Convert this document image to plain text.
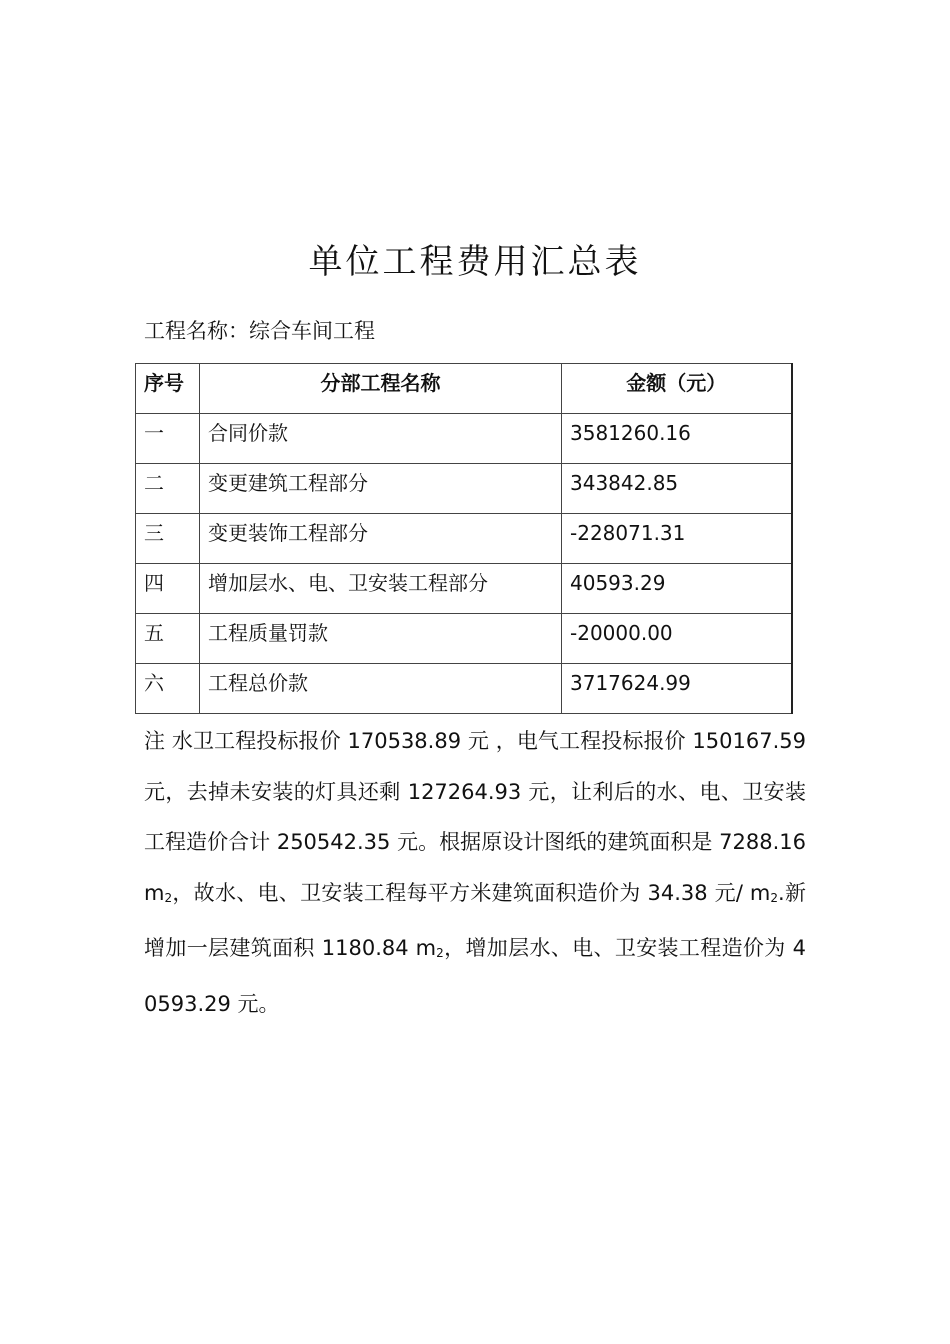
单位工程费用汇总表
工程名称：综合车间工程
序号	分部工程名称	金额（元）
一	合同价款	3581260.16
二	变更建筑工程部分	343842.85
三	变更装饰工程部分	-228071.31
四	增加层水、电、卫安装工程部分	40593.29
五	工程质量罚款	-20000.00
六	工程总价款	3717624.99
注 水卫工程投标报价 170538.89 元 ，电气工程投标报价 150167.59 元，去掉未安装的灯具还剩 127264.93 元，让利后的水、电、卫安装工程造价合计 250542.35 元。根据原设计图纸的建筑面积是 7288.16 $m_2$，故水、电、卫安装工程每平方米建筑面积造价为 34.38 元/ $m_2$.新增加一层建筑面积 1180.84 $m_2$，增加层水、电、卫安装工程造价为 40593.29 元。
